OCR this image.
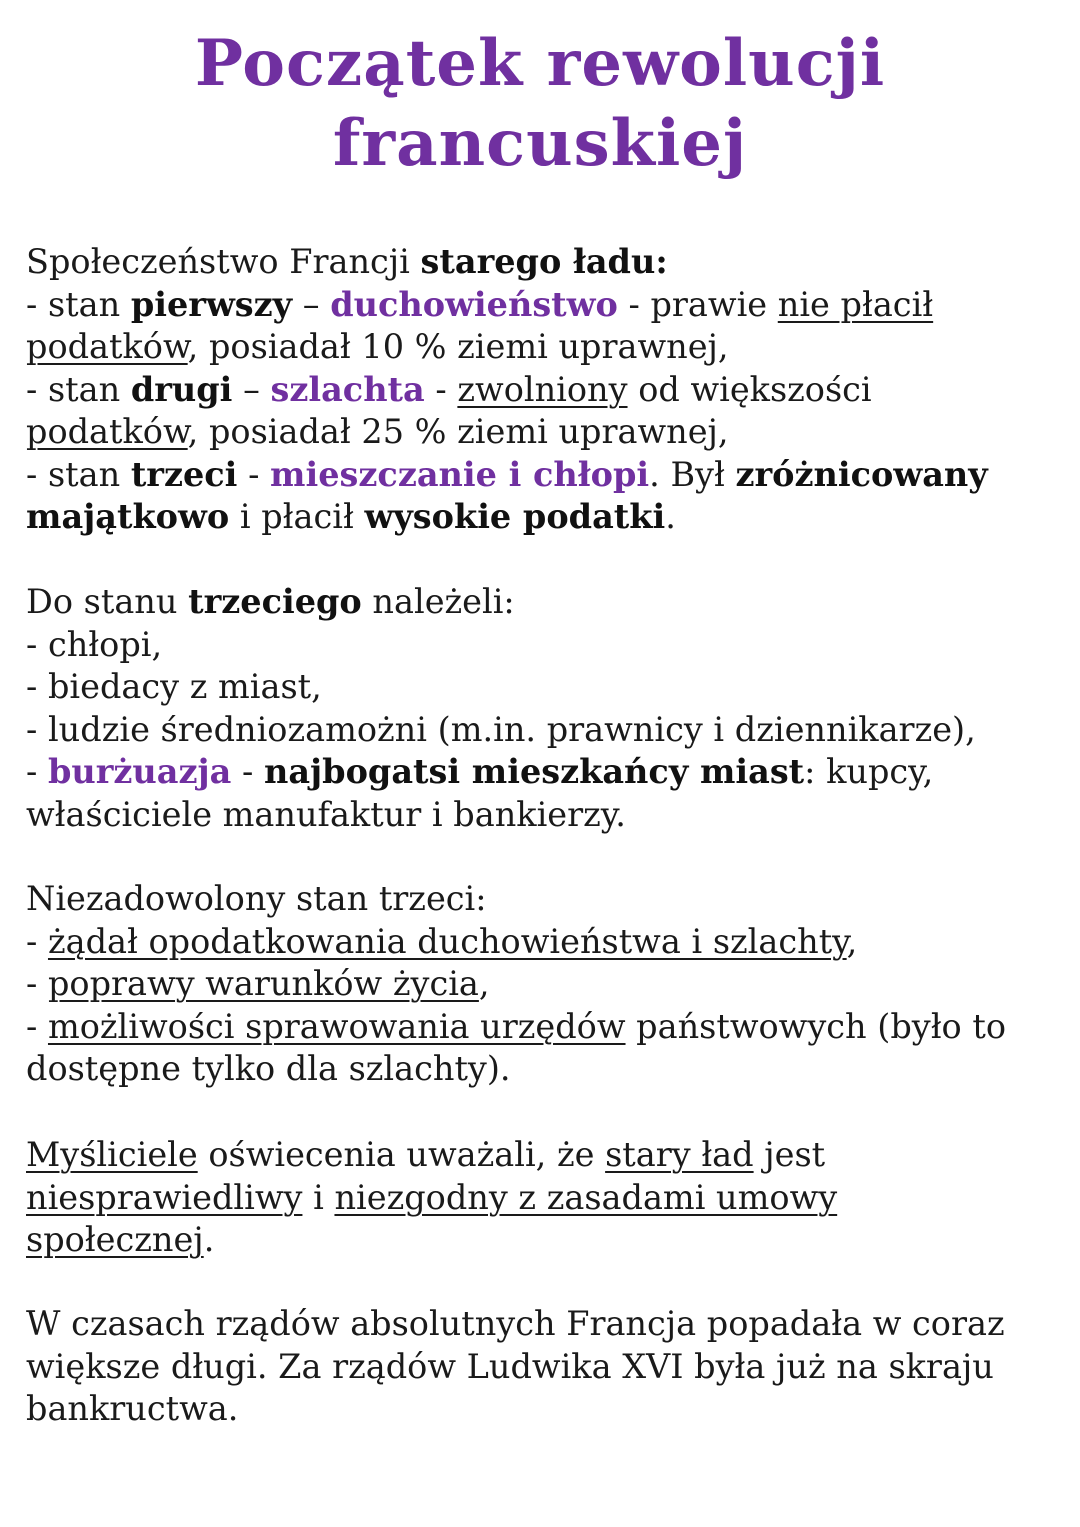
Początek rewolucji
francuskiej
Społeczeństwo Francji starego ładu:
- stan pierwszy – duchowieństwo - prawie nie płacił
podatków, posiadał 10 % ziemi uprawnej,
- stan drugi – szlachta - zwolniony od większości
podatków, posiadał 25 % ziemi uprawnej,
- stan trzeci - mieszczanie i chłopi. Był zróżnicowany
majątkowo i płacił wysokie podatki.
Do stanu trzeciego należeli:
- chłopi,
- biedacy z miast,
- ludzie średniozamożni (m.in. prawnicy i dziennikarze),
- burżuazja - najbogatsi mieszkańcy miast: kupcy,
właściciele manufaktur i bankierzy.
Niezadowolony stan trzeci:
- żądał opodatkowania duchowieństwa i szlachty,
- poprawy warunków życia,
- możliwości sprawowania urzędów państwowych (było to
dostępne tylko dla szlachty).
Myśliciele oświecenia uważali, że stary ład jest
niesprawiedliwy i niezgodny z zasadami umowy
społecznej.
W czasach rządów absolutnych Francja popadała w coraz
większe długi. Za rządów Ludwika XVI była już na skraju
bankructwa.
